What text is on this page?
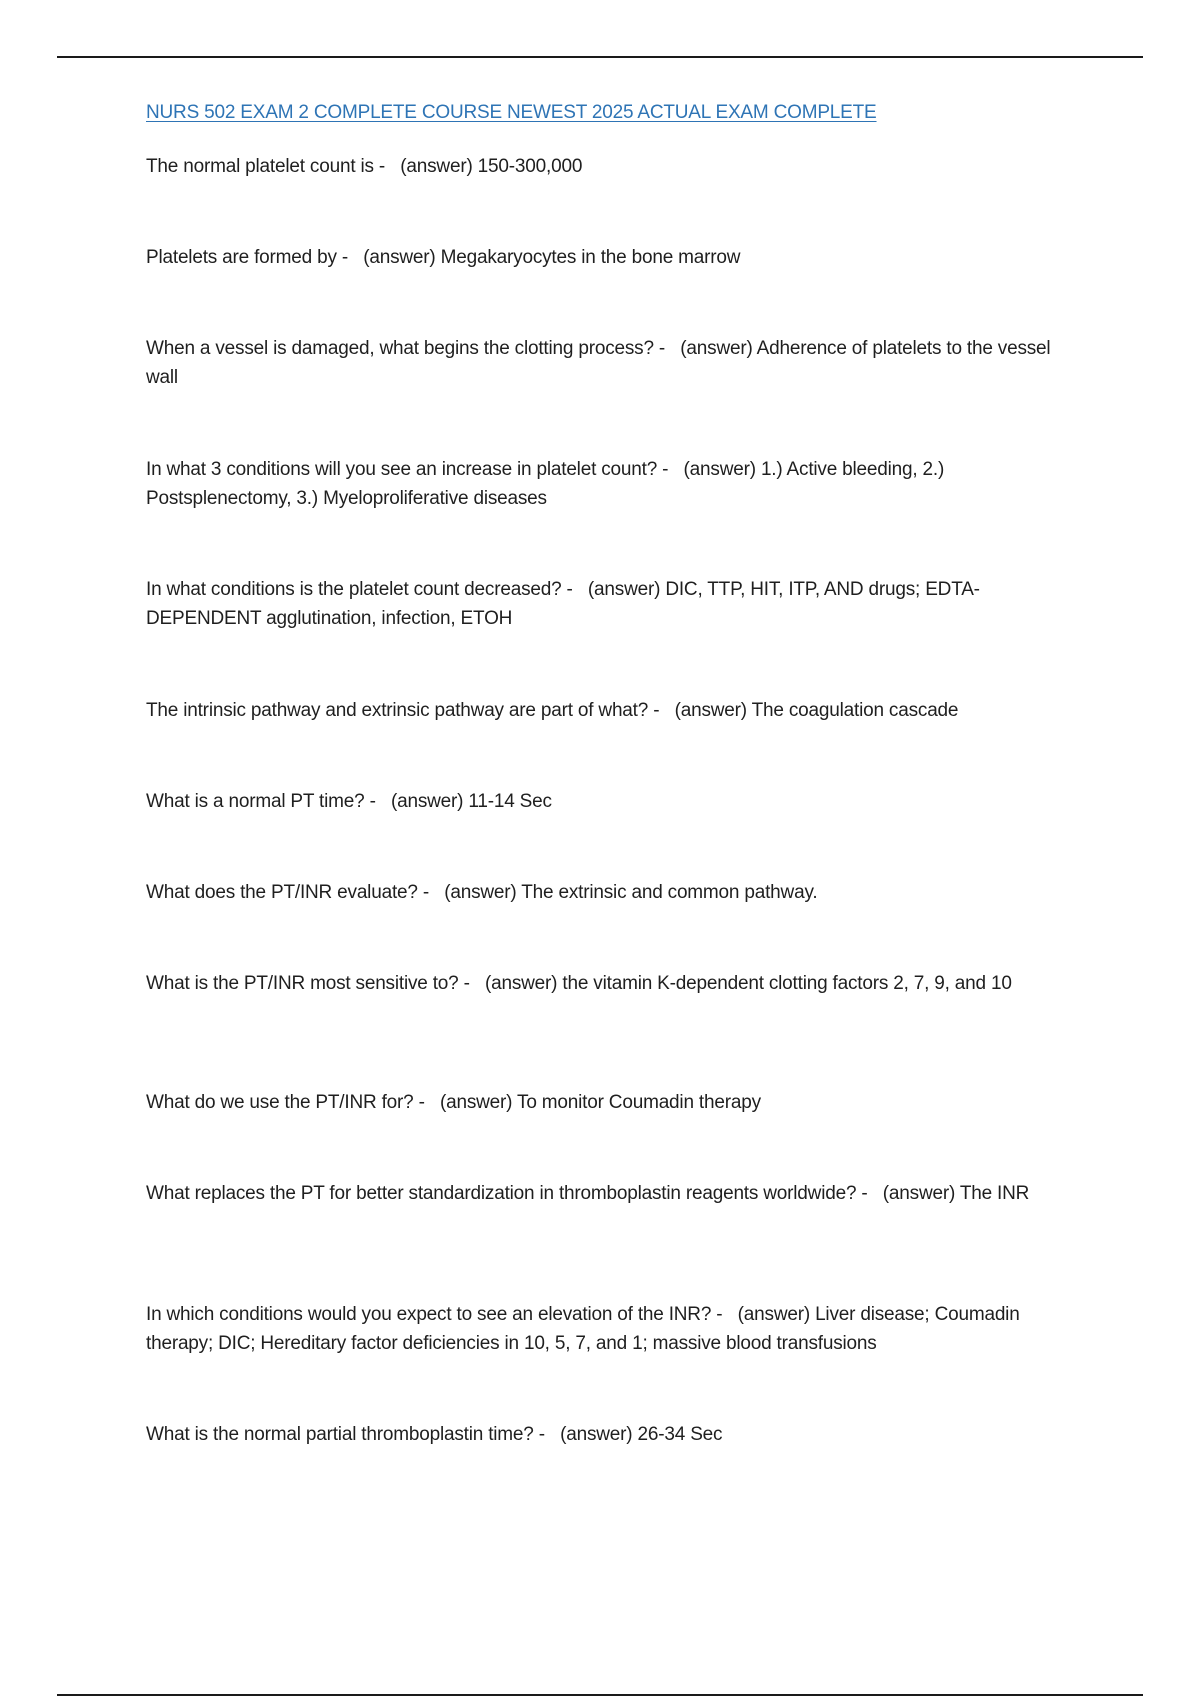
NURS 502 EXAM 2 COMPLETE COURSE NEWEST 2025 ACTUAL EXAM COMPLETE
The normal platelet count is -   (answer) 150-300,000
Platelets are formed by -   (answer) Megakaryocytes in the bone marrow
When a vessel is damaged, what begins the clotting process? -   (answer) Adherence of platelets to the vessel wall
In what 3 conditions will you see an increase in platelet count? -   (answer) 1.) Active bleeding, 2.) Postsplenectomy, 3.) Myeloproliferative diseases
In what conditions is the platelet count decreased? -   (answer) DIC, TTP, HIT, ITP, AND drugs; EDTA-DEPENDENT agglutination, infection, ETOH
The intrinsic pathway and extrinsic pathway are part of what? -   (answer) The coagulation cascade
What is a normal PT time? -   (answer) 11-14 Sec
What does the PT/INR evaluate? -   (answer) The extrinsic and common pathway.
What is the PT/INR most sensitive to? -   (answer) the vitamin K-dependent clotting factors 2, 7, 9, and 10
What do we use the PT/INR for? -   (answer) To monitor Coumadin therapy
What replaces the PT for better standardization in thromboplastin reagents worldwide? -   (answer) The INR
In which conditions would you expect to see an elevation of the INR? -   (answer) Liver disease; Coumadin therapy; DIC; Hereditary factor deficiencies in 10, 5, 7, and 1; massive blood transfusions
What is the normal partial thromboplastin time? -   (answer) 26-34 Sec
